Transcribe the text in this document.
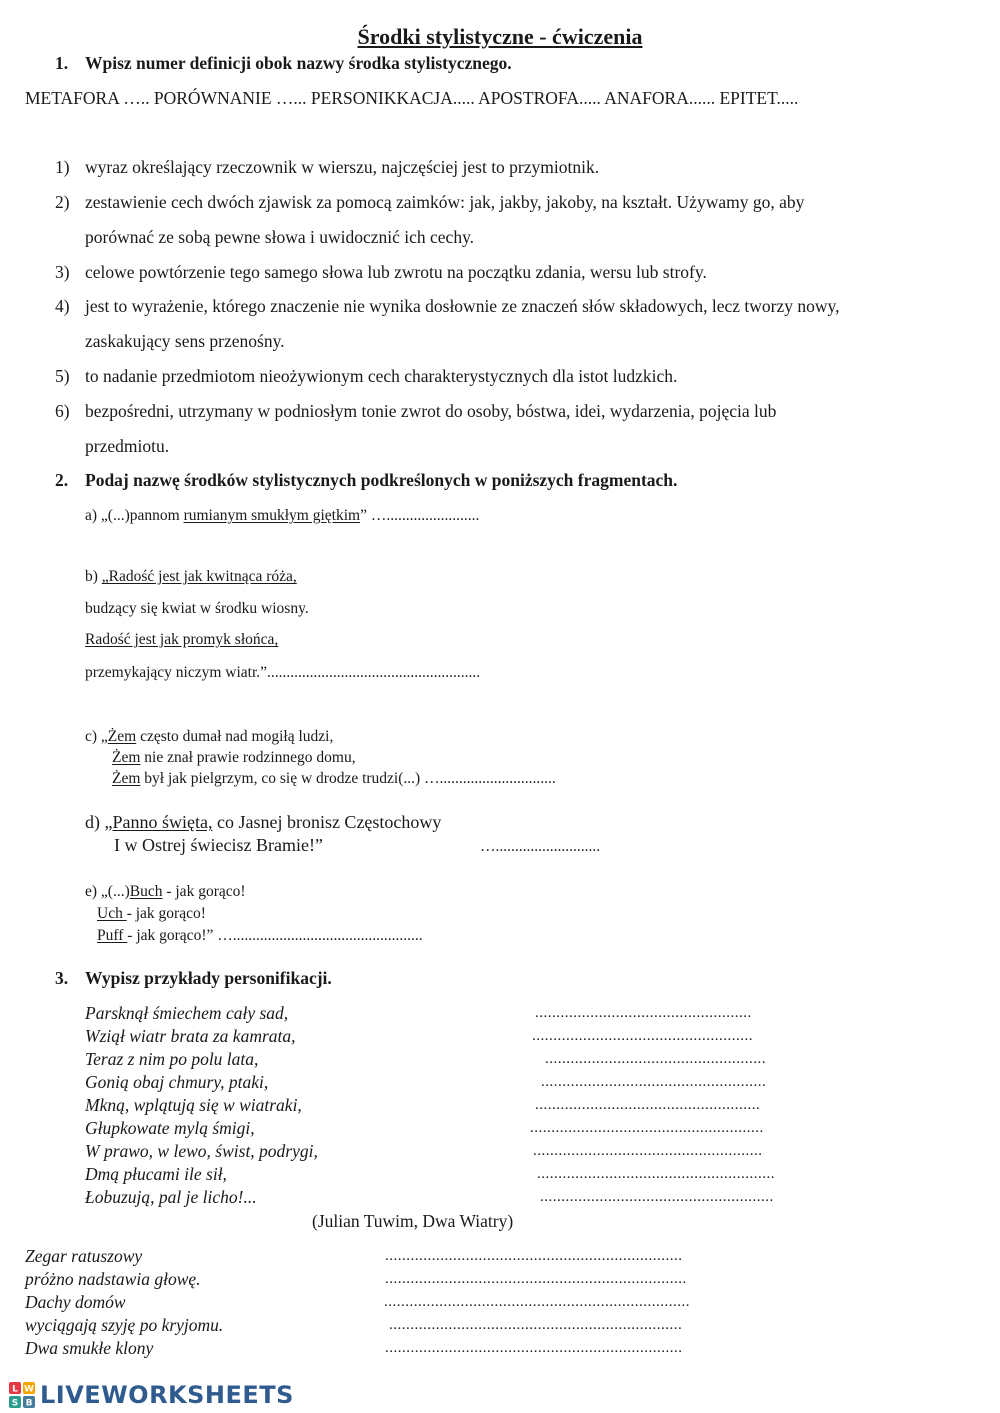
Środki stylistyczne - ćwiczenia
1. Wpisz numer definicji obok nazwy środka stylistycznego.
METAFORA ….. PORÓWNANIE …... PERSONIKKACJA..... APOSTROFA..... ANAFORA...... EPITET.....
1) wyraz określający rzeczownik w wierszu, najczęściej jest to przymiotnik.
2) zestawienie cech dwóch zjawisk za pomocą zaimków: jak, jakby, jakoby, na kształt. Używamy go, aby
porównać ze sobą pewne słowa i uwidocznić ich cechy.
3) celowe powtórzenie tego samego słowa lub zwrotu na początku zdania, wersu lub strofy.
4) jest to wyrażenie, którego znaczenie nie wynika dosłownie ze znaczeń słów składowych, lecz tworzy nowy,
zaskakujący sens przenośny.
5) to nadanie przedmiotom nieożywionym cech charakterystycznych dla istot ludzkich.
6) bezpośredni, utrzymany w podniosłym tonie zwrot do osoby, bóstwa, idei, wydarzenia, pojęcia lub
przedmiotu.
2. Podaj nazwę środków stylistycznych podkreślonych w poniższych fragmentach.
a) „(...)pannom rumianym smukłym giętkim” …........................
b) „Radość jest jak kwitnąca róża,
budzący się kwiat w środku wiosny.
Radość jest jak promyk słońca,
przemykający niczym wiatr.”.......................................................
c) „Żem często dumał nad mogiłą ludzi,
Żem nie znał prawie rodzinnego domu,
Żem był jak pielgrzym, co się w drodze trudzi(...) …..............................
d) „Panno święta, co Jasnej bronisz Częstochowy
I w Ostrej świecisz Bramie!”	…...........................
e) „(...)Buch - jak gorąco!
Uch - jak gorąco!
Puff - jak gorąco!” ….................................................
3. Wypisz przykłady personifikacji.
Parsknął śmiechem cały sad,	...................................................
Wziął wiatr brata za kamrata,	....................................................
Teraz z nim po polu lata,	....................................................
Gonią obaj chmury, ptaki,	.....................................................
Mkną, wplątują się w wiatraki,	.....................................................
Głupkowate mylą śmigi,	.......................................................
W prawo, w lewo, świst, podrygi,	......................................................
Dmą płucami ile sił,	........................................................
Łobuzują, pal je licho!...	.......................................................
(Julian Tuwim, Dwa Wiatry)
Zegar ratuszowy	......................................................................
próżno nadstawia głowę.	.......................................................................
Dachy domów	........................................................................
wyciągają szyję po kryjomu.	.....................................................................
Dwa smukłe klony	......................................................................
L W
S B LIVEWORKSHEETS
